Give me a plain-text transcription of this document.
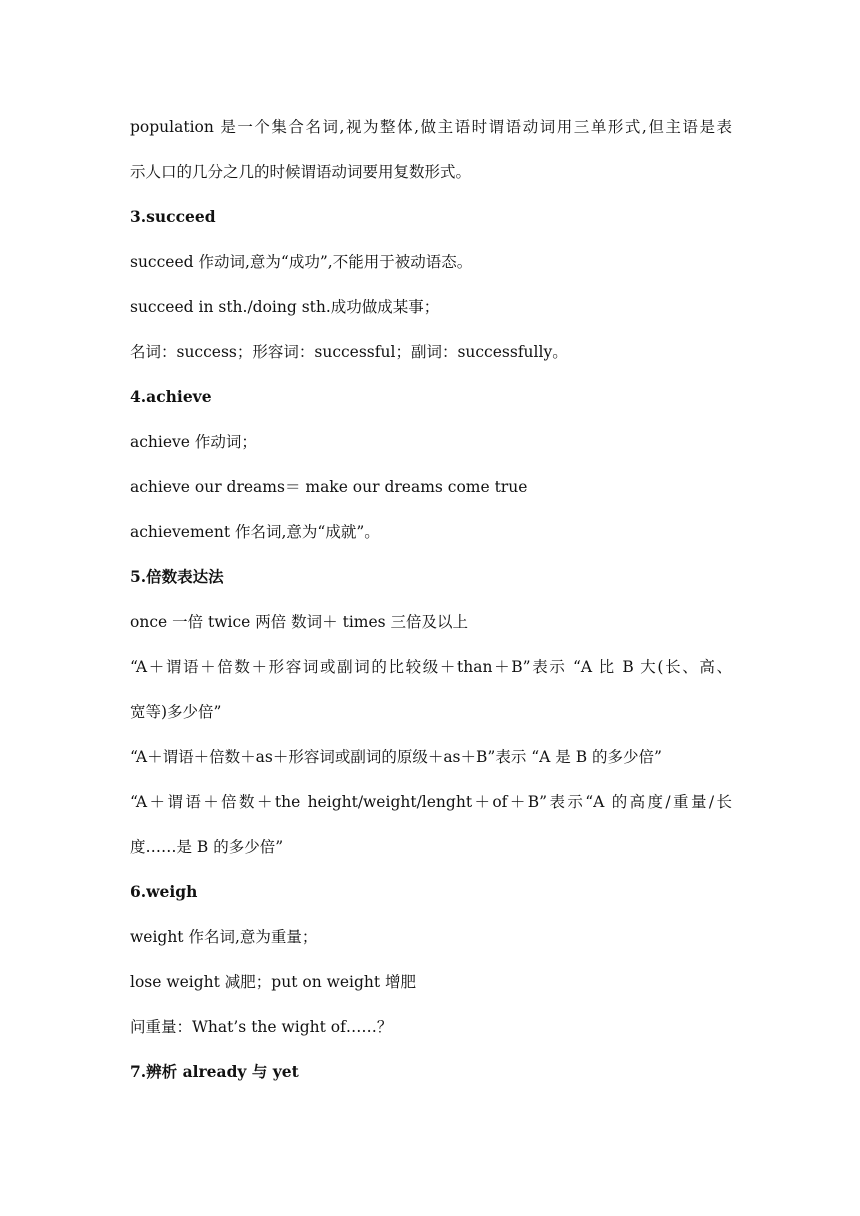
population 是一个集合名词,视为整体,做主语时谓语动词用三单形式,但主语是表
示人口的几分之几的时候谓语动词要用复数形式。
3.succeed
succeed 作动词,意为“成功”,不能用于被动语态。
succeed in sth./doing sth.成功做成某事；
名词：success；形容词：successful；副词：successfully。
4.achieve
achieve 作动词；
achieve our dreams＝ make our dreams come true
achievement 作名词,意为“成就”。
5.倍数表达法
once 一倍 twice 两倍 数词＋ times 三倍及以上
“A＋谓语＋倍数＋形容词或副词的比较级＋than＋B”表示 “A 比 B 大(长、高、
宽等)多少倍”
“A＋谓语＋倍数＋as＋形容词或副词的原级＋as＋B”表示 “A 是 B 的多少倍”
“A＋谓语＋倍数＋the height/weight/lenght＋of＋B”表示“A 的高度/重量/长
度……是 B 的多少倍”
6.weigh
weight 作名词,意为重量；
lose weight 减肥；put on weight 增肥
问重量：What’s the wight of……？
7.辨析 already 与 yet
